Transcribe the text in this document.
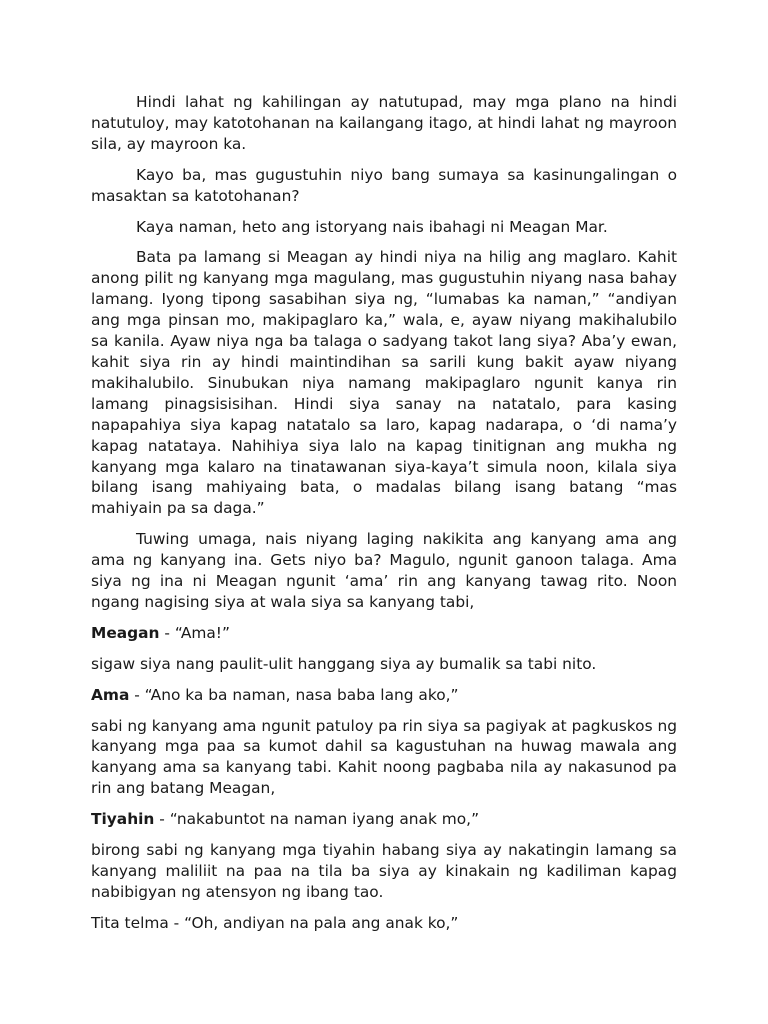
Hindi lahat ng kahilingan ay natutupad, may mga plano na hindi natutuloy, may katotohanan na kailangang itago, at hindi lahat ng mayroon sila, ay mayroon ka.

Kayo ba, mas gugustuhin niyo bang sumaya sa kasinungalingan o masaktan sa katotohanan?

Kaya naman, heto ang istoryang nais ibahagi ni Meagan Mar.

Bata pa lamang si Meagan ay hindi niya na hilig ang maglaro. Kahit anong pilit ng kanyang mga magulang, mas gugustuhin niyang nasa bahay lamang. Iyong tipong sasabihan siya ng, “lumabas ka naman,” “andiyan ang mga pinsan mo, makipaglaro ka,” wala, e, ayaw niyang makihalubilo sa kanila. Ayaw niya nga ba talaga o sadyang takot lang siya? Aba’y ewan, kahit siya rin ay hindi maintindihan sa sarili kung bakit ayaw niyang makihalubilo. Sinubukan niya namang makipaglaro ngunit kanya rin lamang pinagsisisihan. Hindi siya sanay na natatalo, para kasing napapahiya siya kapag natatalo sa laro, kapag nadarapa, o ‘di nama’y kapag natataya. Nahihiya siya lalo na kapag tinitignan ang mukha ng kanyang mga kalaro na tinatawanan siya-kaya’t simula noon, kilala siya bilang isang mahiyaing bata, o madalas bilang isang batang “mas mahiyain pa sa daga.”

Tuwing umaga, nais niyang laging nakikita ang kanyang ama ang ama ng kanyang ina. Gets niyo ba? Magulo, ngunit ganoon talaga. Ama siya ng ina ni Meagan ngunit ‘ama’ rin ang kanyang tawag rito. Noon ngang nagising siya at wala siya sa kanyang tabi,

Meagan - “Ama!”

sigaw siya nang paulit-ulit hanggang siya ay bumalik sa tabi nito.

Ama - “Ano ka ba naman, nasa baba lang ako,”

sabi ng kanyang ama ngunit patuloy pa rin siya sa pagiyak at pagkuskos ng kanyang mga paa sa kumot dahil sa kagustuhan na huwag mawala ang kanyang ama sa kanyang tabi. Kahit noong pagbaba nila ay nakasunod pa rin ang batang Meagan,

Tiyahin - “nakabuntot na naman iyang anak mo,”

birong sabi ng kanyang mga tiyahin habang siya ay nakatingin lamang sa kanyang maliliit na paa na tila ba siya ay kinakain ng kadiliman kapag nabibigyan ng atensyon ng ibang tao.

Tita telma - “Oh, andiyan na pala ang anak ko,”
